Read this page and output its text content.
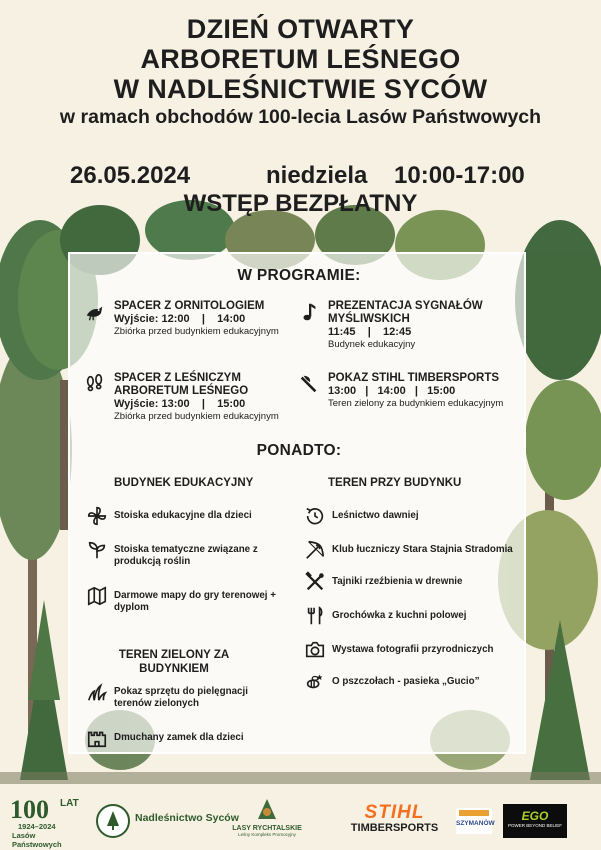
DZIEŃ OTWARTY
ARBORETUM LEŚNEGO
W NADLEŚNICTWIE SYCÓW
w ramach obchodów 100-lecia Lasów Państwowych
26.05.2024	niedziela 10:00-17:00
WSTĘP BEZPŁATNY
W PROGRAMIE:
SPACER Z ORNITOLOGIEM
Wyjście: 12:00    |    14:00
Zbiórka przed budynkiem edukacyjnym
PREZENTACJA SYGNAŁÓW MYŚLIWSKICH
11:45    |    12:45
Budynek edukacyjny
SPACER Z LEŚNICZYM ARBORETUM LEŚNEGO
Wyjście: 13:00    |    15:00
Zbiórka przed budynkiem edukacyjnym
POKAZ STIHL TIMBERSPORTS
13:00   |   14:00   |   15:00
Teren zielony za budynkiem edukacyjnym
PONADTO:
BUDYNEK EDUKACYJNY
Stoiska edukacyjne dla dzieci
Stoiska tematyczne związane z produkcją roślin
Darmowe mapy do gry terenowej + dyplom
TEREN ZIELONY ZA BUDYNKIEM
Pokaz sprzętu do pielęgnacji terenów zielonych
Dmuchany zamek dla dzieci
TEREN PRZY BUDYNKU
Leśnictwo dawniej
Klub łuczniczy Stara Stajnia Stradomia
Tajniki rzeźbienia w drewnie
Grochówka z kuchni polowej
Wystawa fotografii przyrodniczych
O pszczołach - pasieka „Gucio”
100	LAT
1924–2024
Lasów Państwowych
Nadleśnictwo Syców
LASY RYCHTALSKIE
Leśny Kompleks Promocyjny
STIHL
TIMBERSPORTS	SZYMANÓW
EGO
POWER BEYOND BELIEF
